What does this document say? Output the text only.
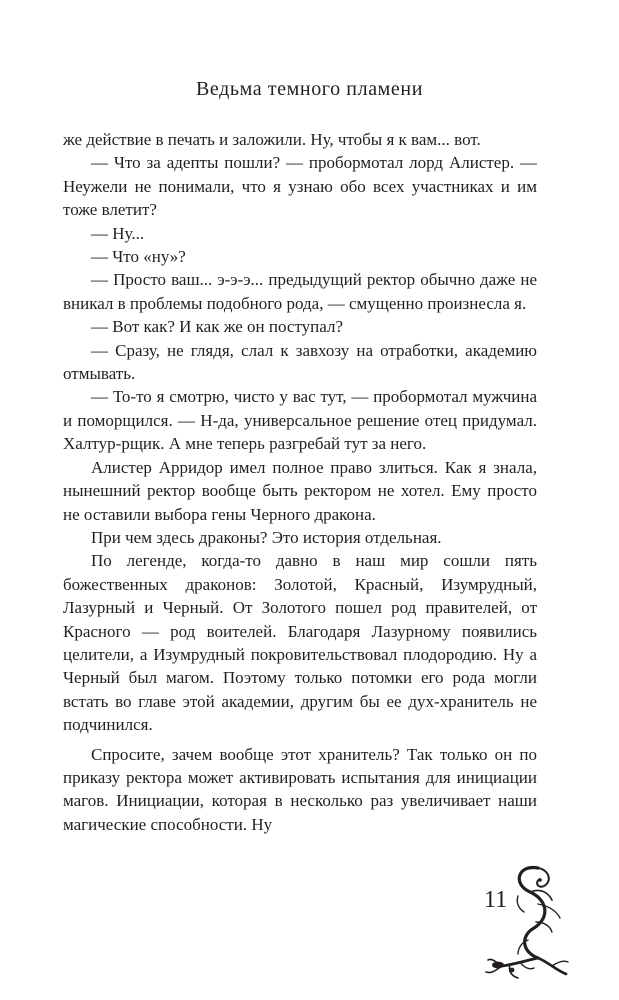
Ведьма темного пламени

же действие в печать и заложили. Ну, чтобы я к вам... вот.

— Что за адепты пошли? — пробормотал лорд Алистер. — Неужели не понимали, что я узнаю обо всех участниках и им тоже влетит?

— Ну...

— Что «ну»?

— Просто ваш... э-э-э... предыдущий ректор обычно даже не вникал в проблемы подобного рода, — смущенно произнесла я.

— Вот как? И как же он поступал?

— Сразу, не глядя, слал к завхозу на отработки, академию отмывать.

— То-то я смотрю, чисто у вас тут, — пробормотал мужчина и поморщился. — Н-да, универсальное решение отец придумал. Халтур-рщик. А мне теперь разгребай тут за него.

Алистер Арридор имел полное право злиться. Как я знала, нынешний ректор вообще быть ректором не хотел. Ему просто не оставили выбора гены Черного дракона.

При чем здесь драконы? Это история отдельная.

По легенде, когда-то давно в наш мир сошли пять божественных драконов: Золотой, Красный, Изумрудный, Лазурный и Черный. От Золотого пошел род правителей, от Красного — род воителей. Благодаря Лазурному появились целители, а Изумрудный покровительствовал плодородию. Ну а Черный был магом. Поэтому только потомки его рода могли встать во главе этой академии, другим бы ее дух-хранитель не подчинился.

Спросите, зачем вообще этот хранитель? Так только он по приказу ректора может активировать испытания для инициации магов. Инициации, которая в несколько раз увеличивает наши магические способности. Ну

11
